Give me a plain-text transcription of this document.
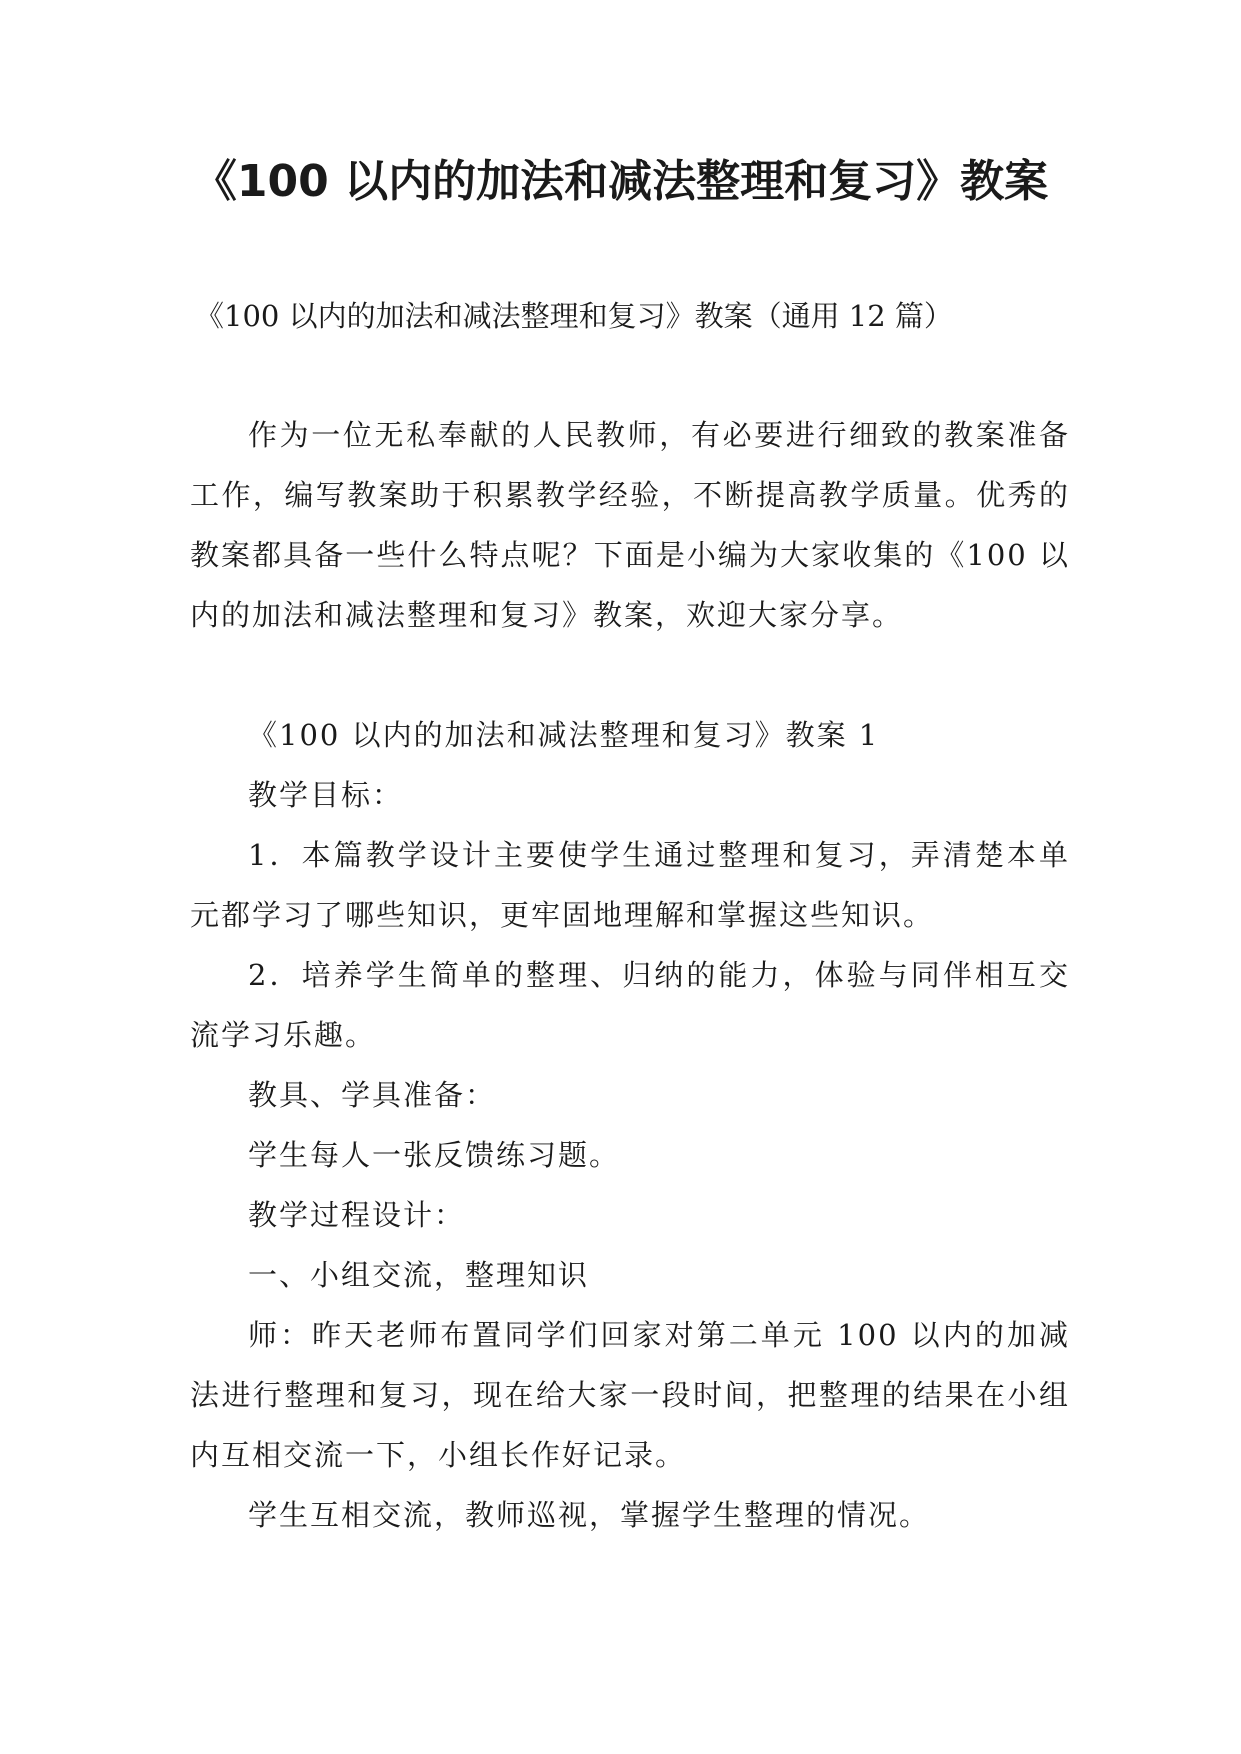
《100 以内的加法和减法整理和复习》教案
《100 以内的加法和减法整理和复习》教案（通用 12 篇）

作为一位无私奉献的人民教师，有必要进行细致的教案准备工作，编写教案助于积累教学经验，不断提高教学质量。优秀的教案都具备一些什么特点呢？下面是小编为大家收集的《100 以内的加法和减法整理和复习》教案，欢迎大家分享。

《100 以内的加法和减法整理和复习》教案 1

教学目标：

1．本篇教学设计主要使学生通过整理和复习，弄清楚本单元都学习了哪些知识，更牢固地理解和掌握这些知识。

2．培养学生简单的整理、归纳的能力，体验与同伴相互交流学习乐趣。

教具、学具准备：

学生每人一张反馈练习题。

教学过程设计：

一、小组交流，整理知识

师：昨天老师布置同学们回家对第二单元 100 以内的加减法进行整理和复习，现在给大家一段时间，把整理的结果在小组内互相交流一下，小组长作好记录。

学生互相交流，教师巡视，掌握学生整理的情况。
